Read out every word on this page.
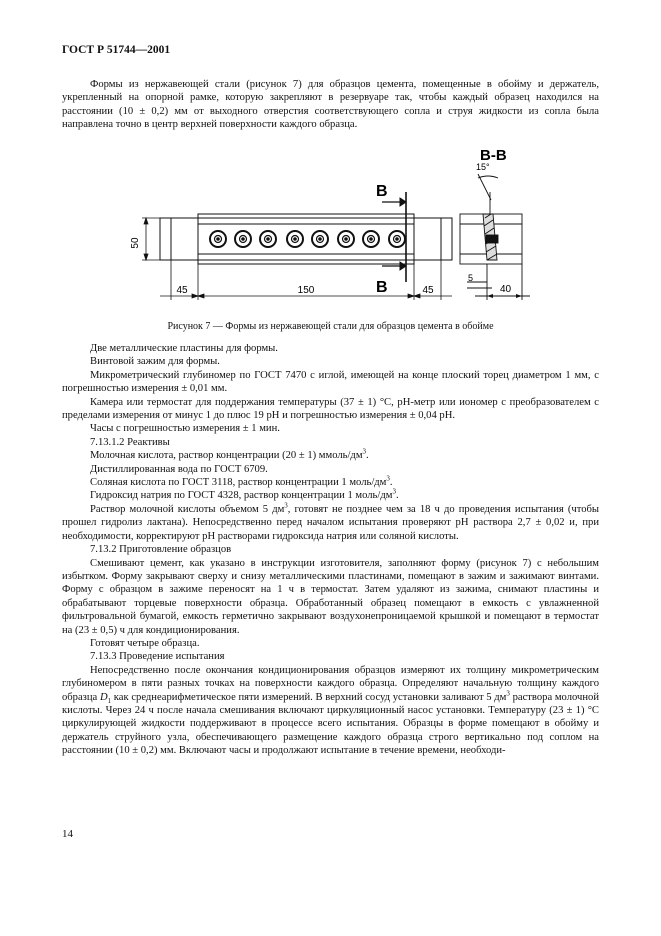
ГОСТ Р 51744—2001

Формы из нержавеющей стали (рисунок 7) для образцов цемента, помещенные в обойму и держатель, укрепленный на опорной рамке, которую закрепляют в резервуаре так, чтобы каждый образец находился на расстоянии (10 ± 0,2) мм от выходного отверстия соответствующего сопла и струя жидкости из сопла была направлена точно в центр верхней поверхности каждого образца.

50
45	150	45
В
В
В-В
15°
40
5
Рисунок 7 — Формы из нержавеющей стали для образцов цемента в обойме

Две металлические пластины для формы.

Винтовой зажим для формы.

Микрометрический глубиномер по ГОСТ 7470 с иглой, имеющей на конце плоский торец диаметром 1 мм, с погрешностью измерения ± 0,01 мм.

Камера или термостат для поддержания температуры (37 ± 1) °С, рН-метр или иономер с преобразователем с пределами измерения от минус 1 до плюс 19 рН и погрешностью измерения ± 0,04 рН.

Часы с погрешностью измерения ± 1 мин.

7.13.1.2 Реактивы

Молочная кислота, раствор концентрации (20 ± 1) ммоль/$дм^3$.

Дистиллированная вода по ГОСТ 6709.

Соляная кислота по ГОСТ 3118, раствор концентрации 1 моль/$дм^3$.

Гидроксид натрия по ГОСТ 4328, раствор концентрации 1 моль/$дм^3$.

Раствор молочной кислоты объемом 5 $дм^3$, готовят не позднее чем за 18 ч до проведения испытания (чтобы прошел гидролиз лактана). Непосредственно перед началом испытания проверяют рН раствора 2,7 ± 0,02 и, при необходимости, корректируют рН растворами гидроксида натрия или соляной кислоты.

7.13.2 Приготовление образцов

Смешивают цемент, как указано в инструкции изготовителя, заполняют форму (рисунок 7) с небольшим избытком. Форму закрывают сверху и снизу металлическими пластинами, помещают в зажим и зажимают винтами. Форму с образцом в зажиме переносят на 1 ч в термостат. Затем удаляют из зажима, снимают пластины и обрабатывают торцевые поверхности образца. Обработанный образец помещают в емкость с увлажненной фильтровальной бумагой, емкость герметично закрывают воздухонепроницаемой крышкой и помещают в термостат на (23 ± 0,5) ч для кондиционирования.

Готовят четыре образца.

7.13.3 Проведение испытания

Непосредственно после окончания кондиционирования образцов измеряют их толщину микрометрическим глубиномером в пяти разных точках на поверхности каждого образца. Определяют начальную толщину каждого образца $D_1$ как среднеарифметическое пяти измерений. В верхний сосуд установки заливают 5 $дм^3$ раствора молочной кислоты. Через 24 ч после начала смешивания включают циркуляционный насос установки. Температуру (23 ± 1) °С циркулирующей жидкости поддерживают в процессе всего испытания. Образцы в форме помещают в обойму и держатель струйного узла, обеспечивающего размещение каждого образца строго вертикально под соплом на расстоянии (10 ± 0,2) мм. Включают часы и продолжают испытание в течение времени, необходи-

14
